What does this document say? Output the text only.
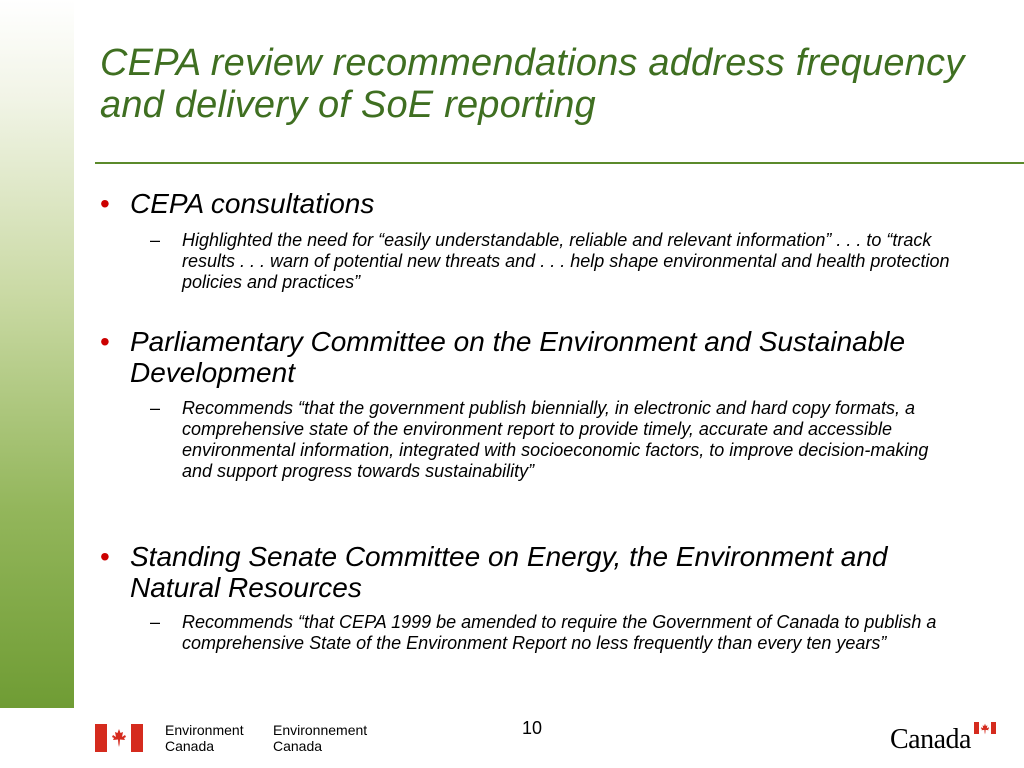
CEPA review recommendations address frequency and delivery of SoE reporting
• CEPA consultations
– Highlighted the need for “easily understandable, reliable and relevant information” . . . to “track results . . . warn of potential new threats and . . . help shape environmental and health protection policies and practices”
• Parliamentary Committee on the Environment and Sustainable Development
– Recommends “that the government publish biennially, in electronic and hard copy formats, a comprehensive state of the environment report to provide timely, accurate and accessible environmental information, integrated with socioeconomic factors, to improve decision-making and support progress towards sustainability”
• Standing Senate Committee on Energy, the Environment and Natural Resources
– Recommends “that CEPA 1999 be amended to require the Government of Canada to publish a comprehensive State of the Environment Report no less frequently than every ten years”
Environment
Canada
Environnement
Canada
10	Canada
